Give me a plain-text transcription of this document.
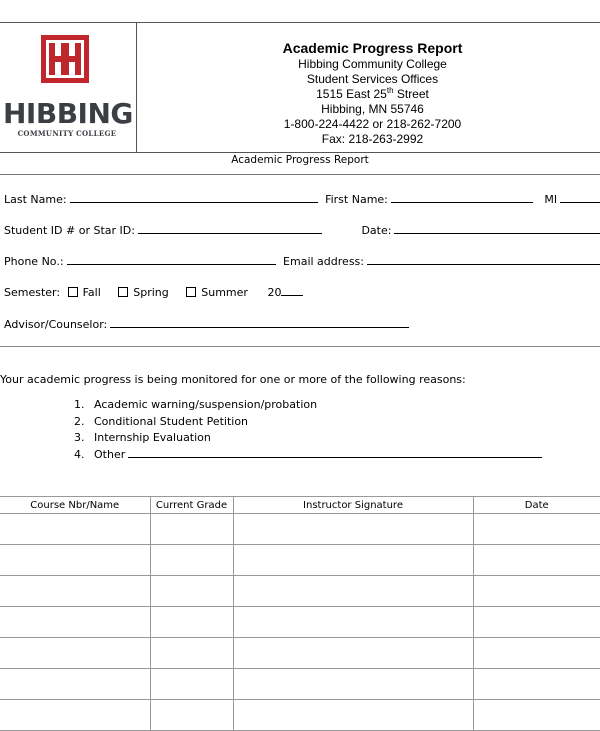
HIBBING
COMMUNITY COLLEGE
Academic Progress Report
Hibbing Community College
Student Services Offices
1515 East 25th Street
Hibbing, MN 55746
1-800-224-4422 or 218-262-7200
Fax: 218-263-2992
Academic Progress Report
Last Name:	First Name:	MI
Student ID # or Star ID:	Date:
Phone No.:	Email address:
Semester: Fall	Spring	Summer 20
Advisor/Counselor:
Your academic progress is being monitored for one or more of the following reasons:
1. Academic warning/suspension/probation
2. Conditional Student Petition
3. Internship Evaluation
4. Other
Course Nbr/Name	Current Grade	Instructor Signature	Date
